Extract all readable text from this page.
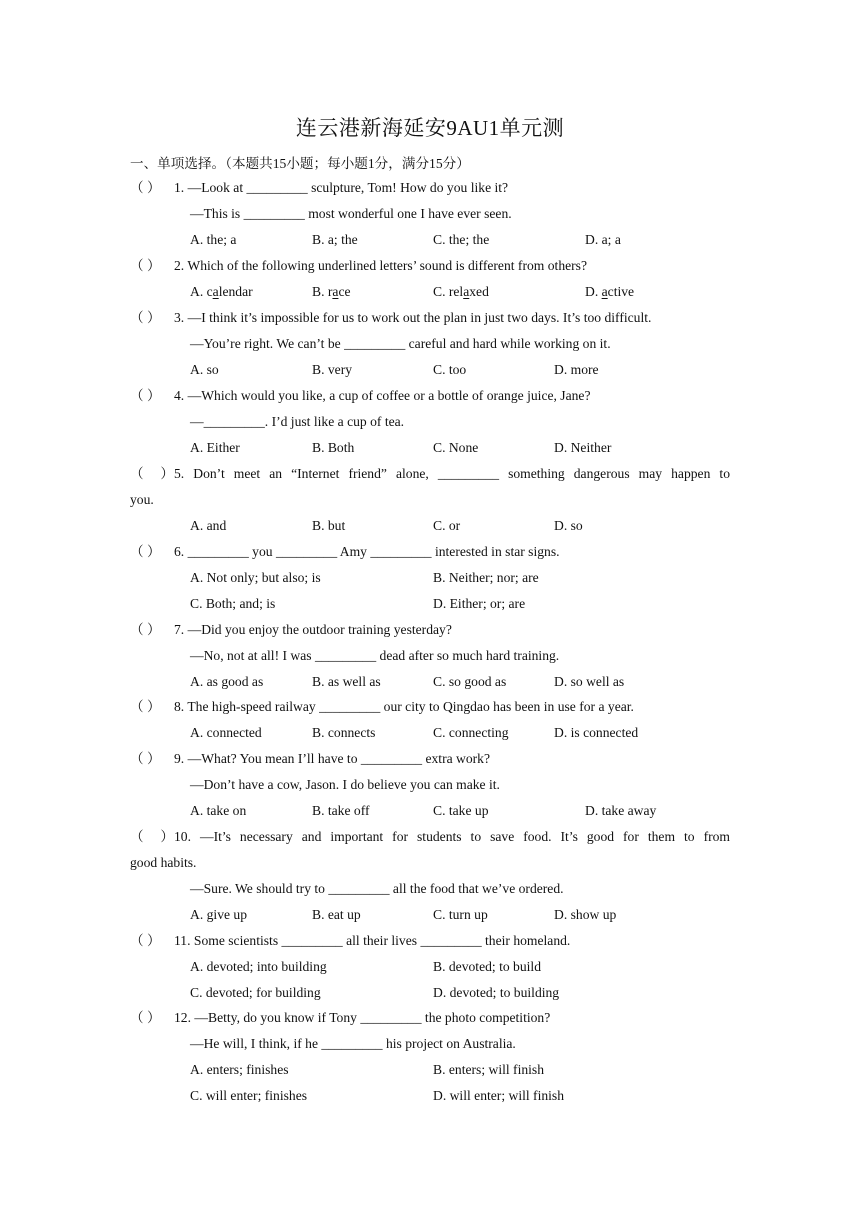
连云港新海延安9AU1单元测
一、单项选择。（本题共15小题；每小题1分，满分15分）
（ ） 1. —Look at _________ sculpture, Tom! How do you like it?
—This is _________ most wonderful one I have ever seen.
A. the; a	B. a; the	C. the; the	D. a; a
（ ） 2. Which of the following underlined letters’ sound is different from others?
A. calendar	B. race	C. relaxed	D. active
（ ） 3. —I think it’s impossible for us to work out the plan in just two days. It’s too difficult.
—You’re right. We can’t be _________ careful and hard while working on it.
A. so	B. very	C. too	D. more
（ ） 4. —Which would you like, a cup of coffee or a bottle of orange juice, Jane?
—_________. I’d just like a cup of tea.
A. Either	B. Both	C. None	D. Neither
（ ）5. Don’t meet an “Internet friend” alone, _________ something dangerous may happen to
you.
A. and	B. but	C. or	D. so
（ ） 6. _________ you _________ Amy _________ interested in star signs.
A. Not only; but also; is	B. Neither; nor; are
C. Both; and; is	D. Either; or; are
（ ） 7. —Did you enjoy the outdoor training yesterday?
—No, not at all! I was _________ dead after so much hard training.
A. as good as	B. as well as	C. so good as	D. so well as
（ ） 8. The high-speed railway _________ our city to Qingdao has been in use for a year.
A. connected	B. connects	C. connecting	D. is connected
（ ） 9. —What? You mean I’ll have to _________ extra work?
—Don’t have a cow, Jason. I do believe you can make it.
A. take on	B. take off	C. take up	D. take away
（ ）10. —It’s necessary and important for students to save food. It’s good for them to from
good habits.
—Sure. We should try to _________ all the food that we’ve ordered.
A. give up	B. eat up	C. turn up	D. show up
（ ） 11. Some scientists _________ all their lives _________ their homeland.
A. devoted; into building	B. devoted; to build
C. devoted; for building	D. devoted; to building
（ ） 12. —Betty, do you know if Tony _________ the photo competition?
—He will, I think, if he _________ his project on Australia.
A. enters; finishes	B. enters; will finish
C. will enter; finishes	D. will enter; will finish
